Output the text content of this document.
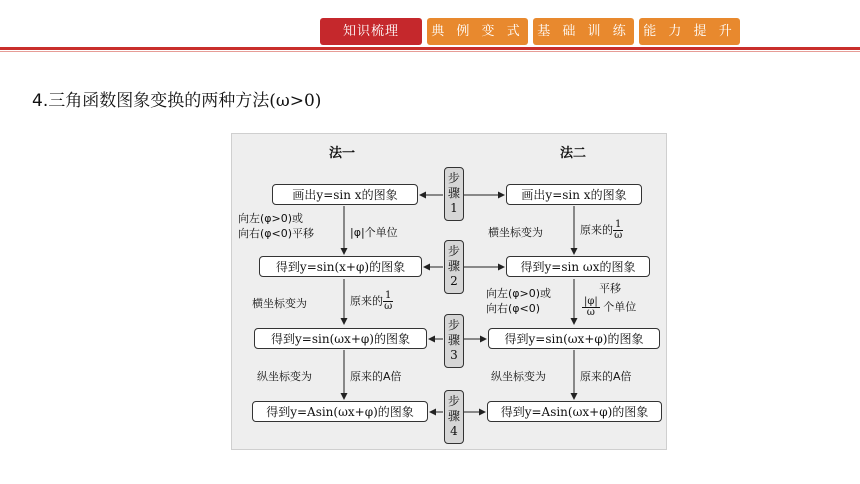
知识梳理	典 例 变 式	基 础 训 练	能 力 提 升
4.三角函数图象变换的两种方法(ω>0)
法一	法二
步
骤
1
步
骤
2
步
骤
3
步
骤
4
画出y=sin x的图象
得到y=sin(x+φ)的图象
得到y=sin(ωx+φ)的图象
得到y=Asin(ωx+φ)的图象
画出y=sin x的图象
得到y=sin ωx的图象
得到y=sin(ωx+φ)的图象
得到y=Asin(ωx+φ)的图象
向左(φ>0)或
向右(φ<0)平移	|φ|个单位
横坐标变为	原来的 $\frac{1}{\omega}$
纵坐标变为	原来的A倍
横坐标变为	原来的 $\frac{1}{\omega}$
向左(φ>0)或
向右(φ<0)
平移
$\frac{|\varphi|}{\omega}$ 个单位
纵坐标变为	原来的A倍
